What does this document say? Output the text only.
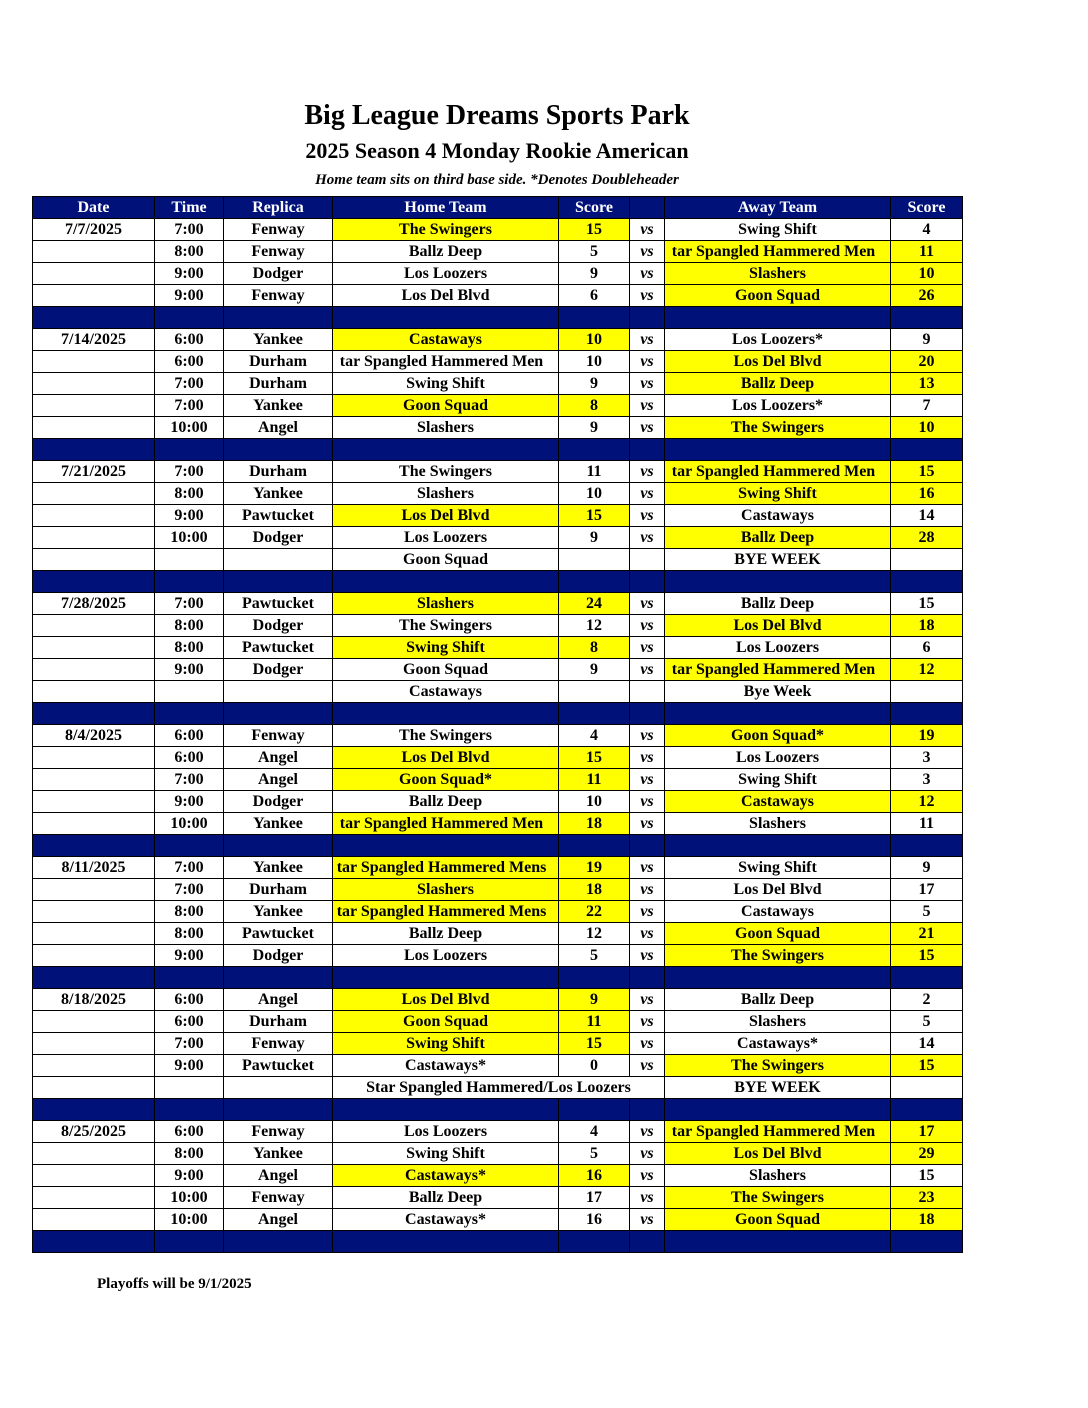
Big League Dreams Sports Park
2025 Season 4 Monday Rookie American
Home team sits on third base side. *Denotes Doubleheader
Date	Time	Replica	Home Team	Score		Away Team	Score
7/7/2025	7:00	Fenway	The Swingers	15	vs	Swing Shift	4
	8:00	Fenway	Ballz Deep	5	vs	tar Spangled Hammered Men	11
	9:00	Dodger	Los Loozers	9	vs	Slashers	10
	9:00	Fenway	Los Del Blvd	6	vs	Goon Squad	26

7/14/2025	6:00	Yankee	Castaways	10	vs	Los Loozers*	9
	6:00	Durham	tar Spangled Hammered Men	10	vs	Los Del Blvd	20
	7:00	Durham	Swing Shift	9	vs	Ballz Deep	13
	7:00	Yankee	Goon Squad	8	vs	Los Loozers*	7
	10:00	Angel	Slashers	9	vs	The Swingers	10

7/21/2025	7:00	Durham	The Swingers	11	vs	tar Spangled Hammered Men	15
	8:00	Yankee	Slashers	10	vs	Swing Shift	16
	9:00	Pawtucket	Los Del Blvd	15	vs	Castaways	14
	10:00	Dodger	Los Loozers	9	vs	Ballz Deep	28
			Goon Squad			BYE WEEK	

7/28/2025	7:00	Pawtucket	Slashers	24	vs	Ballz Deep	15
	8:00	Dodger	The Swingers	12	vs	Los Del Blvd	18
	8:00	Pawtucket	Swing Shift	8	vs	Los Loozers	6
	9:00	Dodger	Goon Squad	9	vs	tar Spangled Hammered Men	12
			Castaways			Bye Week	

8/4/2025	6:00	Fenway	The Swingers	4	vs	Goon Squad*	19
	6:00	Angel	Los Del Blvd	15	vs	Los Loozers	3
	7:00	Angel	Goon Squad*	11	vs	Swing Shift	3
	9:00	Dodger	Ballz Deep	10	vs	Castaways	12
	10:00	Yankee	tar Spangled Hammered Men	18	vs	Slashers	11

8/11/2025	7:00	Yankee	tar Spangled Hammered Mens	19	vs	Swing Shift	9
	7:00	Durham	Slashers	18	vs	Los Del Blvd	17
	8:00	Yankee	tar Spangled Hammered Mens	22	vs	Castaways	5
	8:00	Pawtucket	Ballz Deep	12	vs	Goon Squad	21
	9:00	Dodger	Los Loozers	5	vs	The Swingers	15

8/18/2025	6:00	Angel	Los Del Blvd	9	vs	Ballz Deep	2
	6:00	Durham	Goon Squad	11	vs	Slashers	5
	7:00	Fenway	Swing Shift	15	vs	Castaways*	14
	9:00	Pawtucket	Castaways*	0	vs	The Swingers	15
			Star Spangled Hammered/Los Loozers			BYE WEEK	

8/25/2025	6:00	Fenway	Los Loozers	4	vs	tar Spangled Hammered Men	17
	8:00	Yankee	Swing Shift	5	vs	Los Del Blvd	29
	9:00	Angel	Castaways*	16	vs	Slashers	15
	10:00	Fenway	Ballz Deep	17	vs	The Swingers	23
	10:00	Angel	Castaways*	16	vs	Goon Squad	18

Playoffs will be 9/1/2025
